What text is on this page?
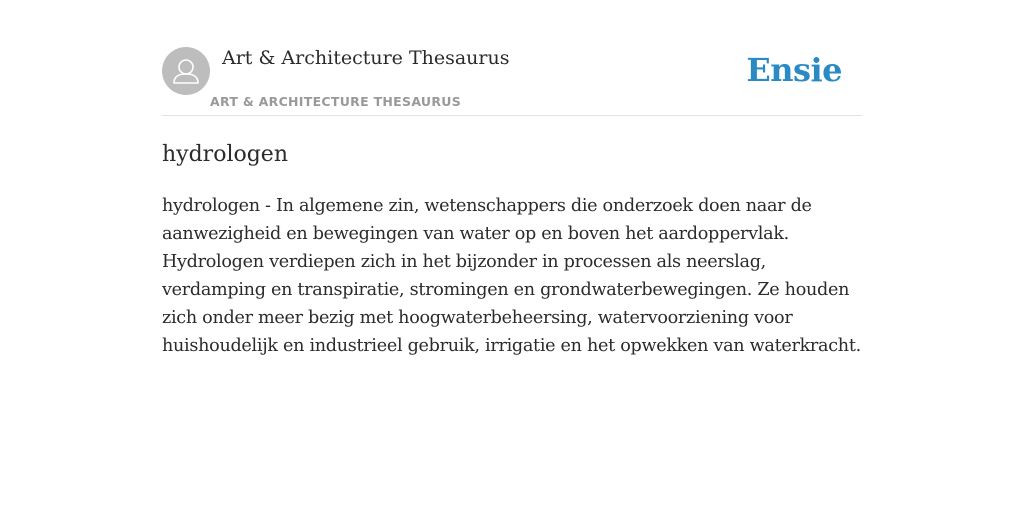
Art & Architecture Thesaurus
ART & ARCHITECTURE THESAURUS
Ensie
hydrologen

hydrologen - In algemene zin, wetenschappers die onderzoek doen naar de aanwezigheid en bewegingen van water op en boven het aardoppervlak. Hydrologen verdiepen zich in het bijzonder in processen als neerslag, verdamping en transpiratie, stromingen en grondwaterbewegingen. Ze houden zich onder meer bezig met hoogwaterbeheersing, watervoorziening voor huishoudelijk en industrieel gebruik, irrigatie en het opwekken van waterkracht.
